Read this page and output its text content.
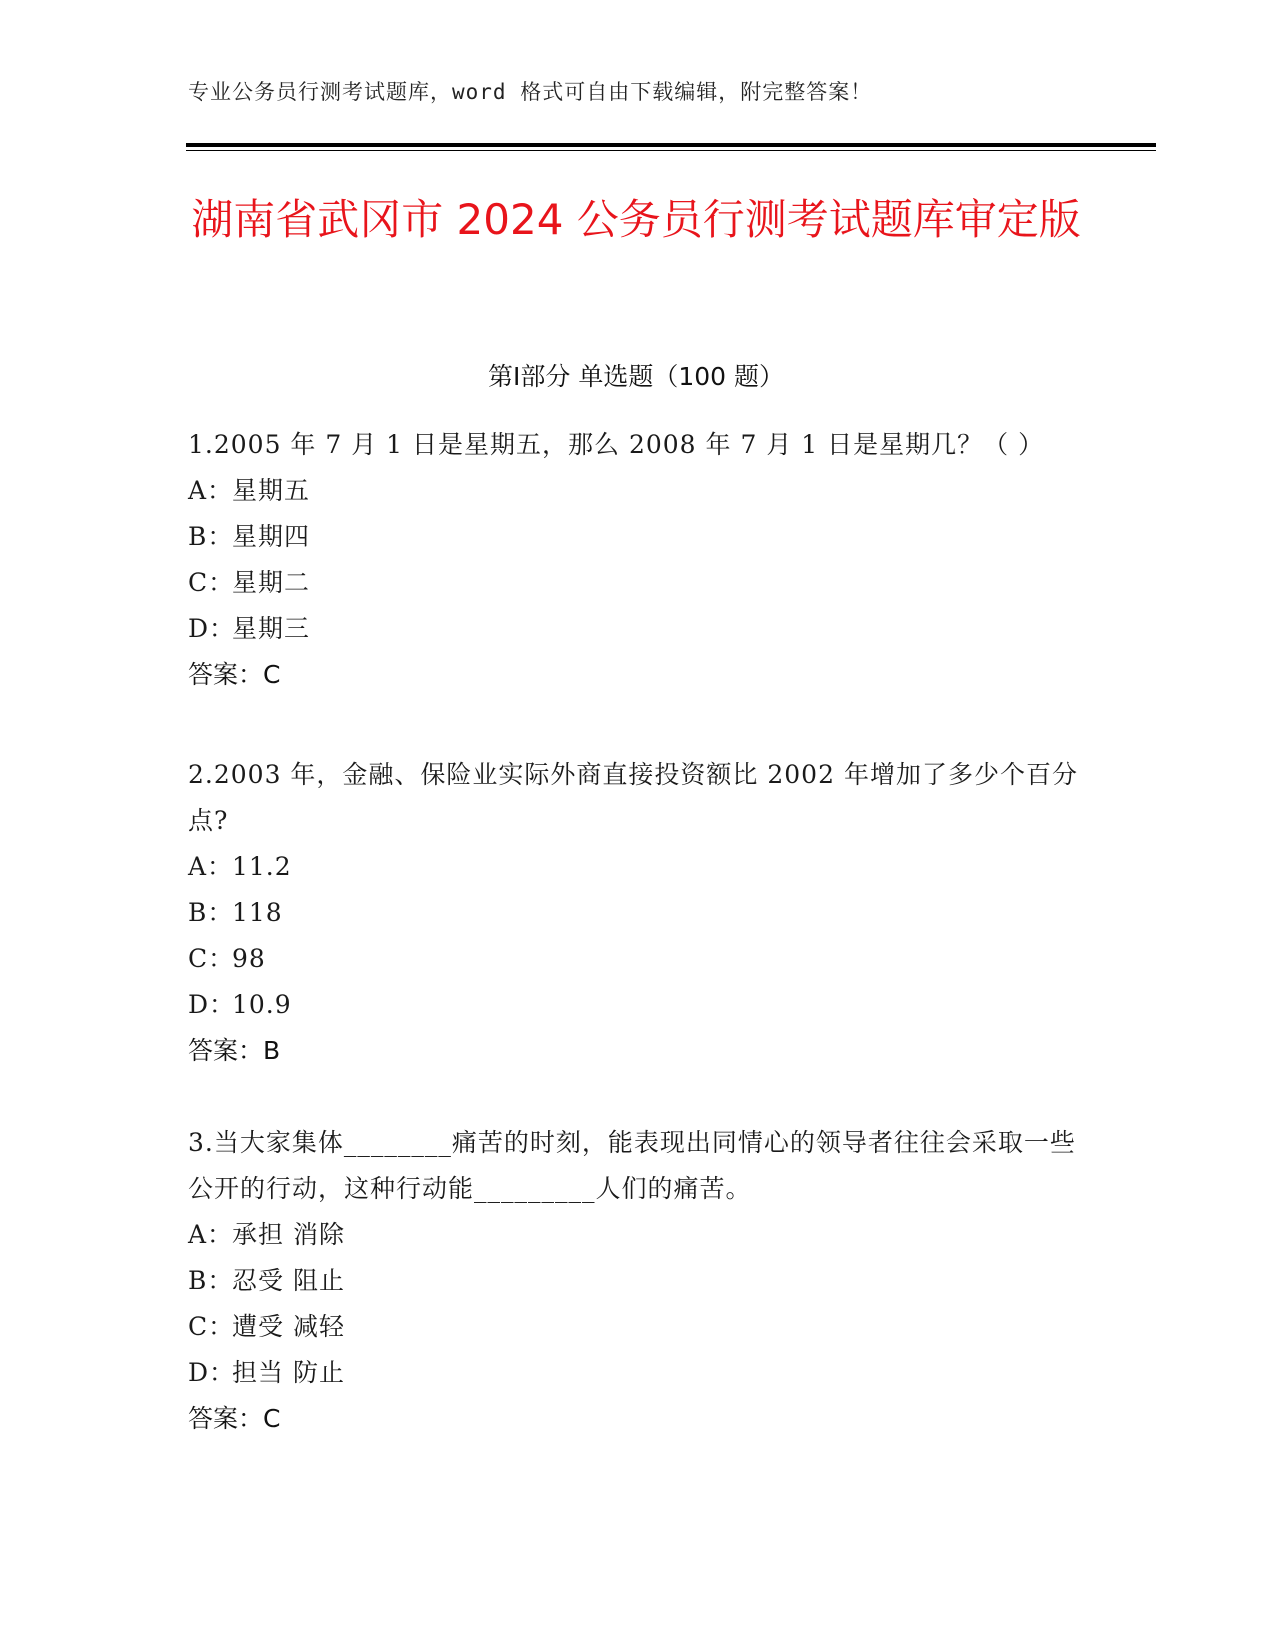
专业公务员行测考试题库，word 格式可自由下载编辑，附完整答案！
湖南省武冈市 2024 公务员行测考试题库审定版
第Ⅰ部分 单选题（100 题）

1.2005 年 7 月 1 日是星期五，那么 2008 年 7 月 1 日是星期几？（ ）

A：
星期五

B：
星期四

C：
星期二

D：
星期三

答案：C

2.2003 年，金融、保险业实际外商直接投资额比 2002 年增加了多少个百分点?

A：
11.2

B：
118

C：
98

D：
10.9

答案：B

3.当大家集体________痛苦的时刻，能表现出同情心的领导者往往会采取一些公开的行动，这种行动能_________人们的痛苦。

A：
承担 消除

B：
忍受 阻止

C：
遭受 减轻

D：
担当 防止

答案：C
